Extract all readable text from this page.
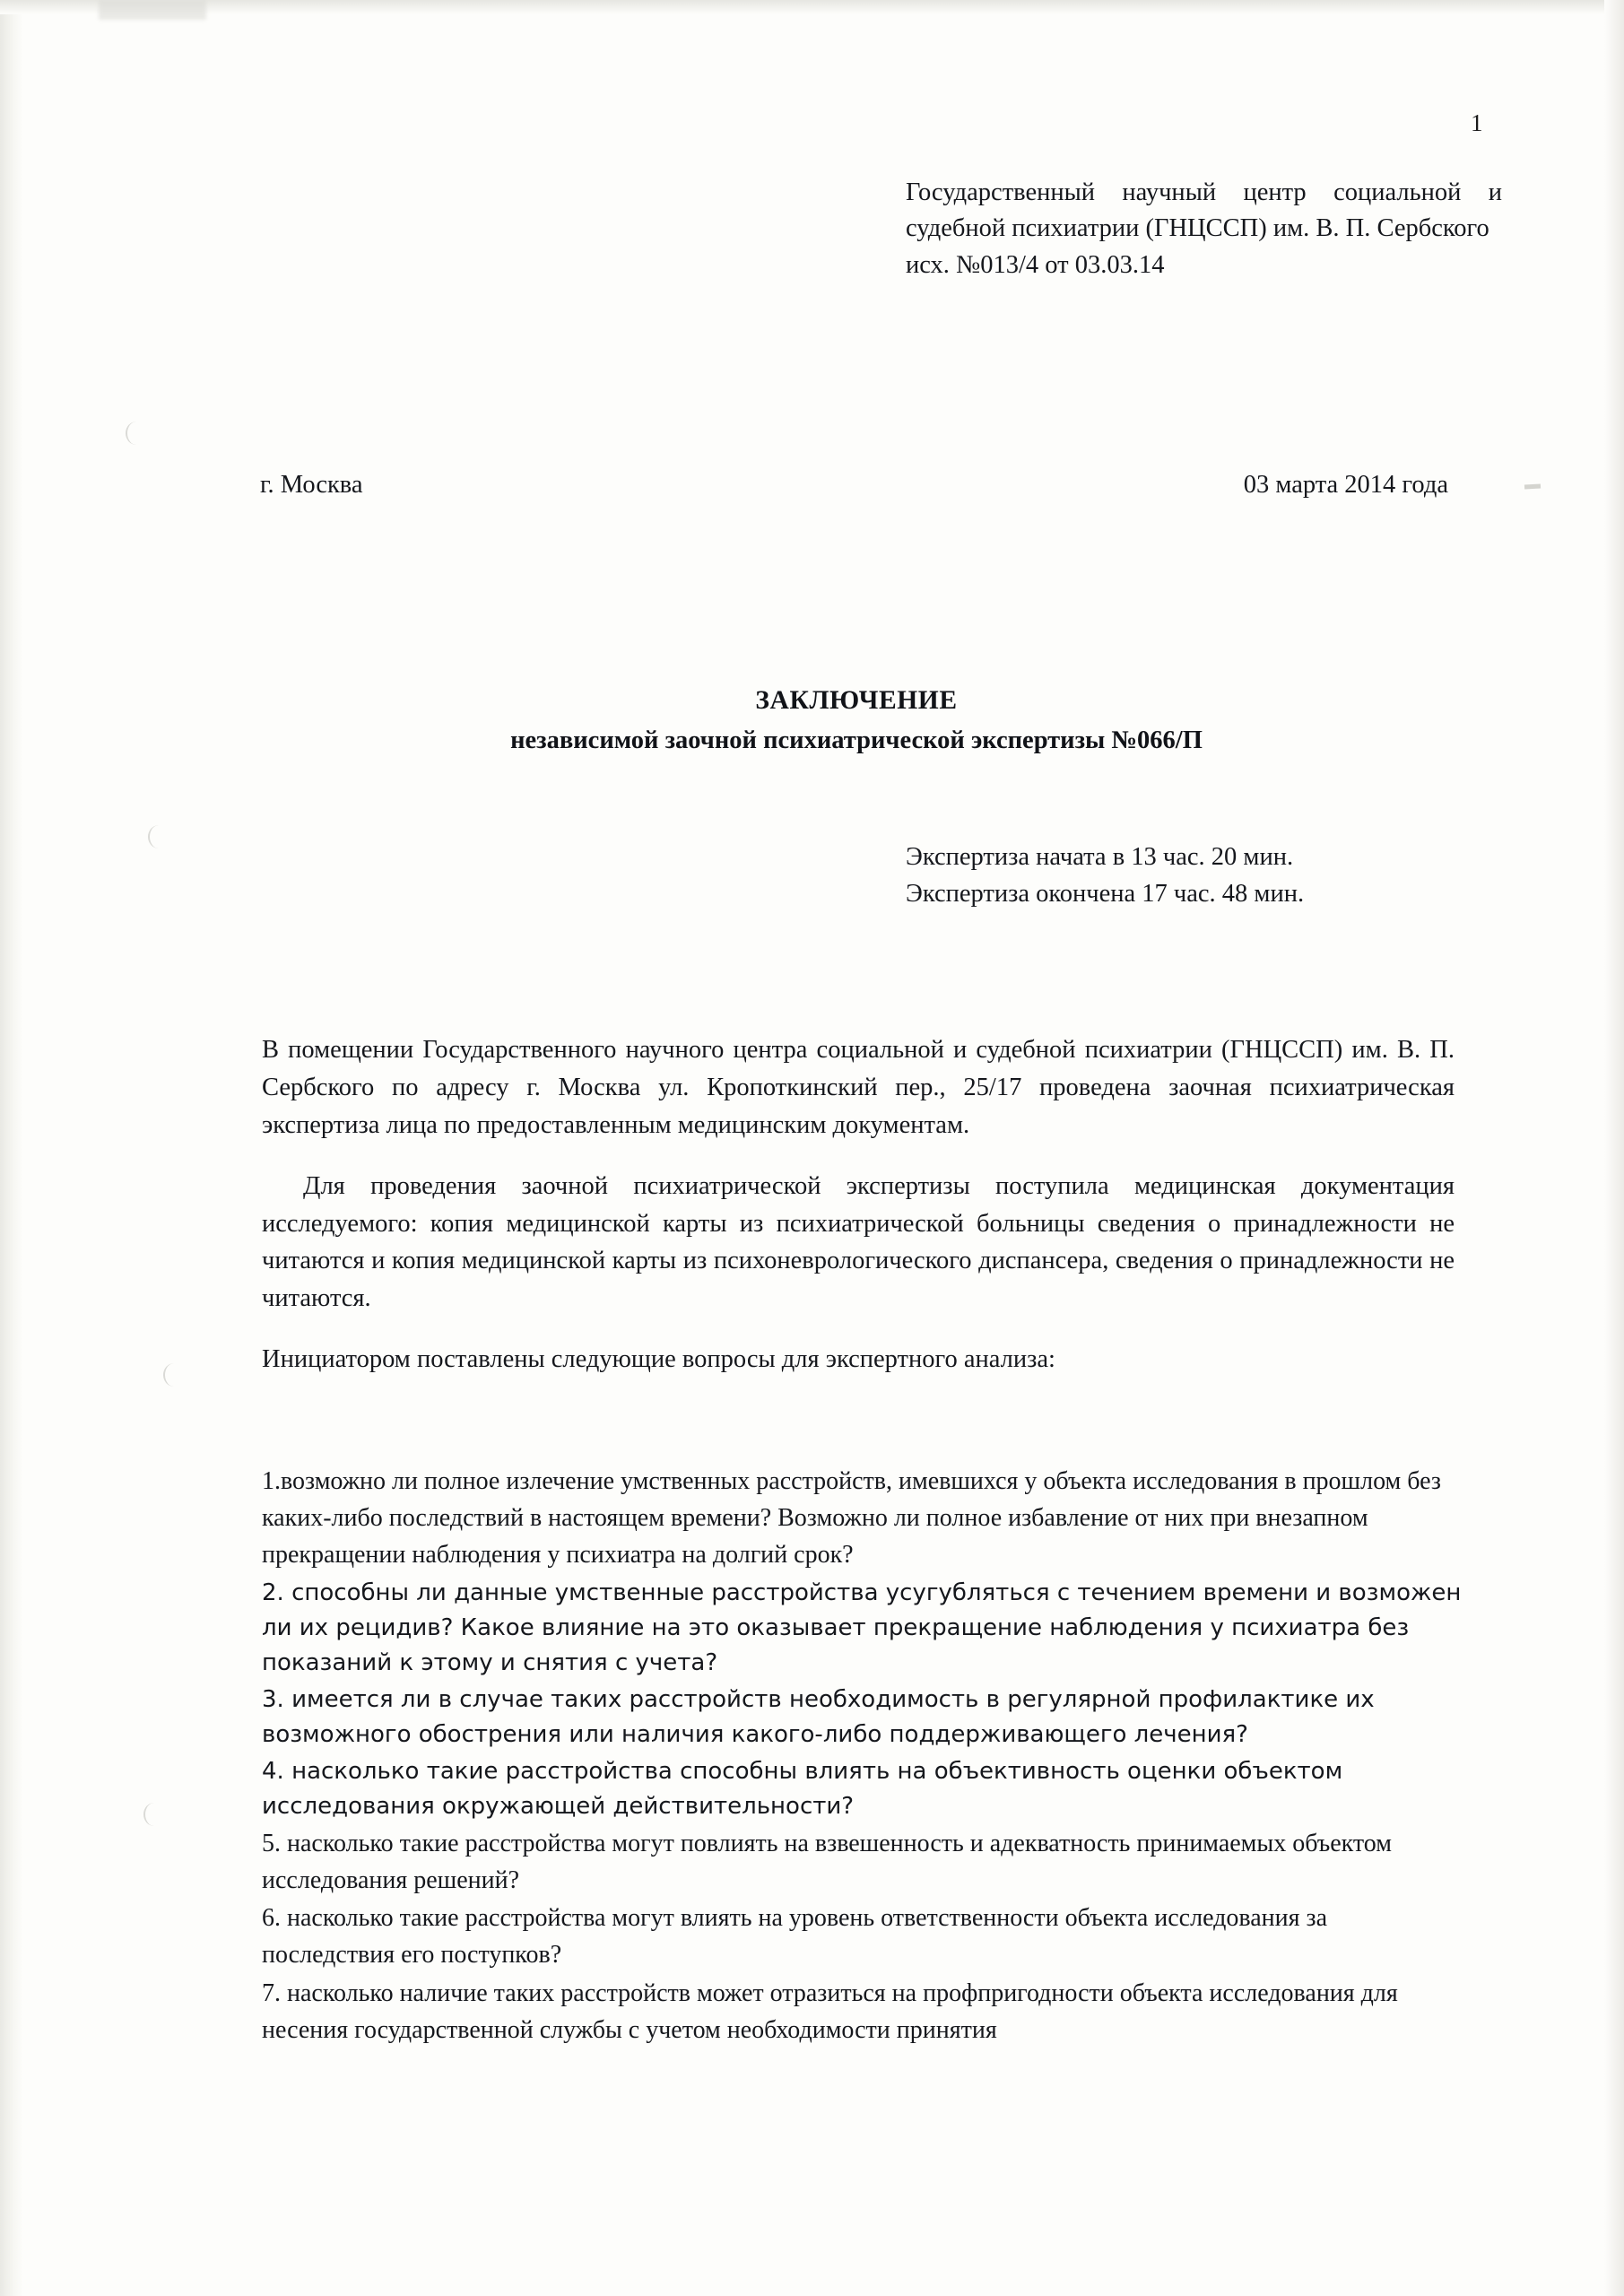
1
Государственный научный центр социальной и судебной психиатрии (ГНЦССП) им. В. П. Сербского
исх. №013/4 от 03.03.14
г. Москва	03 марта 2014 года
ЗАКЛЮЧЕНИЕ
независимой заочной психиатрической экспертизы №066/П
Экспертиза начата в 13 час. 20 мин.
Экспертиза окончена 17 час. 48 мин.
В помещении Государственного научного центра социальной и судебной психиатрии (ГНЦССП) им. В. П. Сербского по адресу г. Москва ул. Кропоткинский пер., 25/17 проведена заочная психиатрическая экспертиза лица по предоставленным медицинским документам.
Для проведения заочной психиатрической экспертизы поступила медицинская документация исследуемого: копия медицинской карты из психиатрической больницы сведения о принадлежности не читаются и копия медицинской карты из психоневрологического диспансера, сведения о принадлежности не читаются.
Инициатором поставлены следующие вопросы для экспертного анализа:
1.возможно ли полное излечение умственных расстройств, имевшихся у объекта исследования в прошлом без каких-либо последствий в настоящем времени? Возможно ли полное избавление от них при внезапном прекращении наблюдения у психиатра на долгий срок?
2. способны ли данные умственные расстройства усугубляться с течением времени и возможен ли их рецидив? Какое влияние на это оказывает прекращение наблюдения у психиатра без показаний к этому и снятия с учета?
3. имеется ли в случае таких расстройств необходимость в регулярной профилактике их возможного обострения или наличия какого-либо поддерживающего лечения?
4. насколько такие расстройства способны влиять на объективность оценки объектом исследования окружающей действительности?
5. насколько такие расстройства могут повлиять на взвешенность и адекватность принимаемых объектом исследования решений?
6. насколько такие расстройства могут влиять на уровень ответственности объекта исследования за последствия его поступков?
7. насколько наличие таких расстройств может отразиться на профпригодности объекта исследования для несения государственной службы с учетом необходимости принятия
